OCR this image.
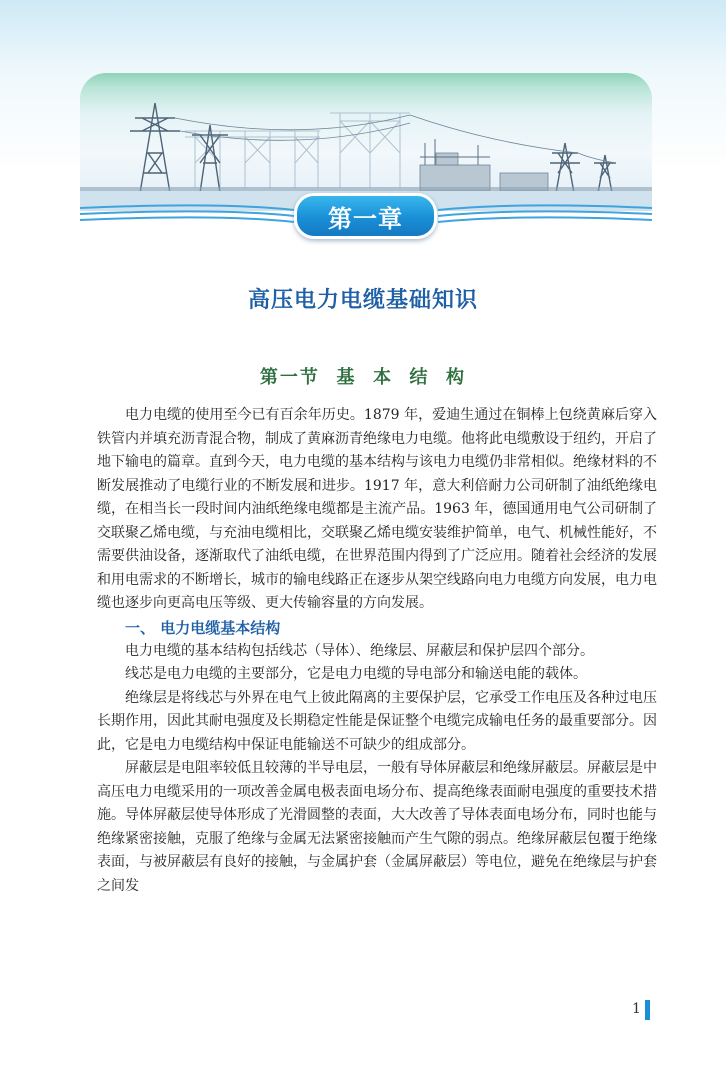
第一章
高压电力电缆基础知识
第一节  基  本  结  构

电力电缆的使用至今已有百余年历史。1879 年，爱迪生通过在铜棒上包绕黄麻后穿入铁管内并填充沥青混合物，制成了黄麻沥青绝缘电力电缆。他将此电缆敷设于纽约，开启了地下输电的篇章。直到今天，电力电缆的基本结构与该电力电缆仍非常相似。绝缘材料的不断发展推动了电缆行业的不断发展和进步。1917 年，意大利倍耐力公司研制了油纸绝缘电缆，在相当长一段时间内油纸绝缘电缆都是主流产品。1963 年，德国通用电气公司研制了交联聚乙烯电缆，与充油电缆相比，交联聚乙烯电缆安装维护简单，电气、机械性能好，不需要供油设备，逐渐取代了油纸电缆，在世界范围内得到了广泛应用。随着社会经济的发展和用电需求的不断增长，城市的输电线路正在逐步从架空线路向电力电缆方向发展，电力电缆也逐步向更高电压等级、更大传输容量的方向发展。

一、 电力电缆基本结构

电力电缆的基本结构包括线芯（导体）、绝缘层、屏蔽层和保护层四个部分。

线芯是电力电缆的主要部分，它是电力电缆的导电部分和输送电能的载体。

绝缘层是将线芯与外界在电气上彼此隔离的主要保护层，它承受工作电压及各种过电压长期作用，因此其耐电强度及长期稳定性能是保证整个电缆完成输电任务的最重要部分。因此，它是电力电缆结构中保证电能输送不可缺少的组成部分。

屏蔽层是电阻率较低且较薄的半导电层，一般有导体屏蔽层和绝缘屏蔽层。屏蔽层是中高压电力电缆采用的一项改善金属电极表面电场分布、提高绝缘表面耐电强度的重要技术措施。导体屏蔽层使导体形成了光滑圆整的表面，大大改善了导体表面电场分布，同时也能与绝缘紧密接触，克服了绝缘与金属无法紧密接触而产生气隙的弱点。绝缘屏蔽层包覆于绝缘表面，与被屏蔽层有良好的接触，与金属护套（金属屏蔽层）等电位，避免在绝缘层与护套之间发

1
